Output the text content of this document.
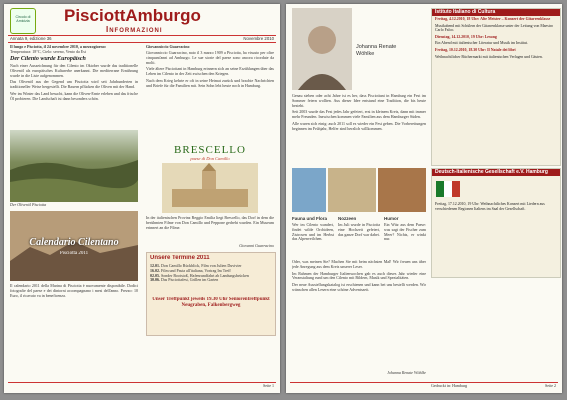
Circolo di Amicizia PisciottAmburgo
Informazioni
Annata 9, edizione 36	Novembre 2010
Il lungo e Pisciotta, il 24 novembre 2010, a mezzogiorno:
Temperatura: 18°C, Cielo: sereno, Vento da Est
Der Cilento wurde Europäisch

Nach einer Auszeichnung für den Cilento im Oktober wurde das traditionelle Olivenöl als europäisches Kulturerbe anerkannt. Die mediterrane Ernährung wurde in die Liste aufgenommen.

Das Olivenöl aus der Gegend um Pisciotta wird seit Jahrhunderten in traditioneller Weise hergestellt. Die Bauern pflücken die Oliven mit der Hand.

Wer im Winter das Land besucht, kann die Oliven-Ernte erleben und das frische Öl probieren. Die Landschaft ist dann besonders schön.

Der Olivenöl Pisciotta
Calendario Cilentano
Pisciotta 2011
Il calendario 2011 della Marina di Pisciotta è nuovamente disponibile. Dodici fotografie del paese e dei dintorni accompagnano i mesi dell'anno. Prezzo: 10 Euro, il ricavato va in beneficenza.
Giovanniccio Guarracino

Giovanniccio Guarracino, nato il 3 marzo 1909 a Pisciotta, ha vissuto per oltre cinquant'anni ad Amburgo. Le sue storie del paese sono ancora ricordate da molti.

Viele ältere Pisciottani in Hamburg erinnern sich an seine Erzählungen über das Leben im Cilento in der Zeit zwischen den Kriegen.

Nach dem Krieg kehrte er oft in seine Heimat zurück und brachte Nachrichten und Briefe für die Familien mit. Sein Sohn lebt heute noch in Hamburg.

BRESCELLO
paese di Don Camillo
In der italienischen Provinz Reggio Emilia liegt Brescello, das Dorf in dem die berühmten Filme von Don Camillo und Peppone gedreht wurden. Ein Museum erinnert an die Filme.
Giovanni Guarracino
Unsere Termine 2011
12.01. Don Camillo Rückblick, Film von Julien Duvivier
16.02. Film und Pasta all'italiana, Vortrag Im Treff
02.05. Sonder Bootstoß, Hafenrundfahrt ab Landungsbrücken
30.06. Das Pisciottafest, Grillen im Garten
Unser Treffpunkt jeweils 19.30 Uhr Seniorentreffpunkt Neugraben, Falkenbergweg
Seite 1
Johanna Renate Wöhlke
Istituto Italiano di Cultura

Freitag, 4.12.2010, 18 Uhr: Alte Meister – Konzert der Gitarrenklasse

Musikabend mit Schülern der Gitarrenklasse unter der Leitung von Maestro Carlo Falco.

Dienstag, 14.12.2010, 19 Uhr: Lesung

Ein Abend mit italienischer Literatur und Musik im Institut.

Freitag, 10.12.2010, 18.30 Uhr: Il Natale dei libri

Weihnachtlicher Büchermarkt mit italienischen Verlagen und Gästen.

Genau sieben oder acht Jahre ist es her, dass Pisciottani in Hamburg ein Fest im Sommer feiern wollten. Aus dieser Idee entstand eine Tradition, die bis heute besteht.

Seit 2003 wurde das Fest jedes Jahr gefeiert, erst in kleinem Kreis, dann mit immer mehr Freunden. Inzwischen kommen viele Familien aus dem Hamburger Süden.

Alle waren sich einig: auch 2011 soll es wieder ein Fest geben. Die Vorbereitungen beginnen im Frühjahr, Helfer sind herzlich willkommen.

Deutsch-Italienische Gesellschaft e.V. Hamburg

Freitag, 17.12.2010, 19 Uhr: Weihnachtliches Konzert mit Liedern aus verschiedenen Regionen Italiens im Saal der Gesellschaft.

Fauna und Flora	Nozzeen	Humor
Wer im Cilento wandert, findet wilde Orchideen, Zistrosen und im Herbst das Alpenveilchen.
Im Juli wurde in Pisciotta eine Hochzeit gefeiert, das ganze Dorf war dabei.
Ein Witz aus dem Paese: was sagt der Fischer zum Meer? Nichts, er winkt nur.

Oder, was meinen Sie? Machen Sie mit beim nächsten Mal! Wir freuen uns über jede Anregung aus dem Kreis unserer Leser.

Im Rahmen der Hamburger Italienwochen gab es auch dieses Jahr wieder eine Veranstaltung rund um den Cilento mit Bildern, Musik und Spezialitäten.

Der neue Ausstellungskatalog ist erschienen und kann bei uns bestellt werden. Wir wünschen allen Lesern eine schöne Adventszeit.

Johanna Renate Wöhlke
Gedruckt in: Hamburg	Seite 2
